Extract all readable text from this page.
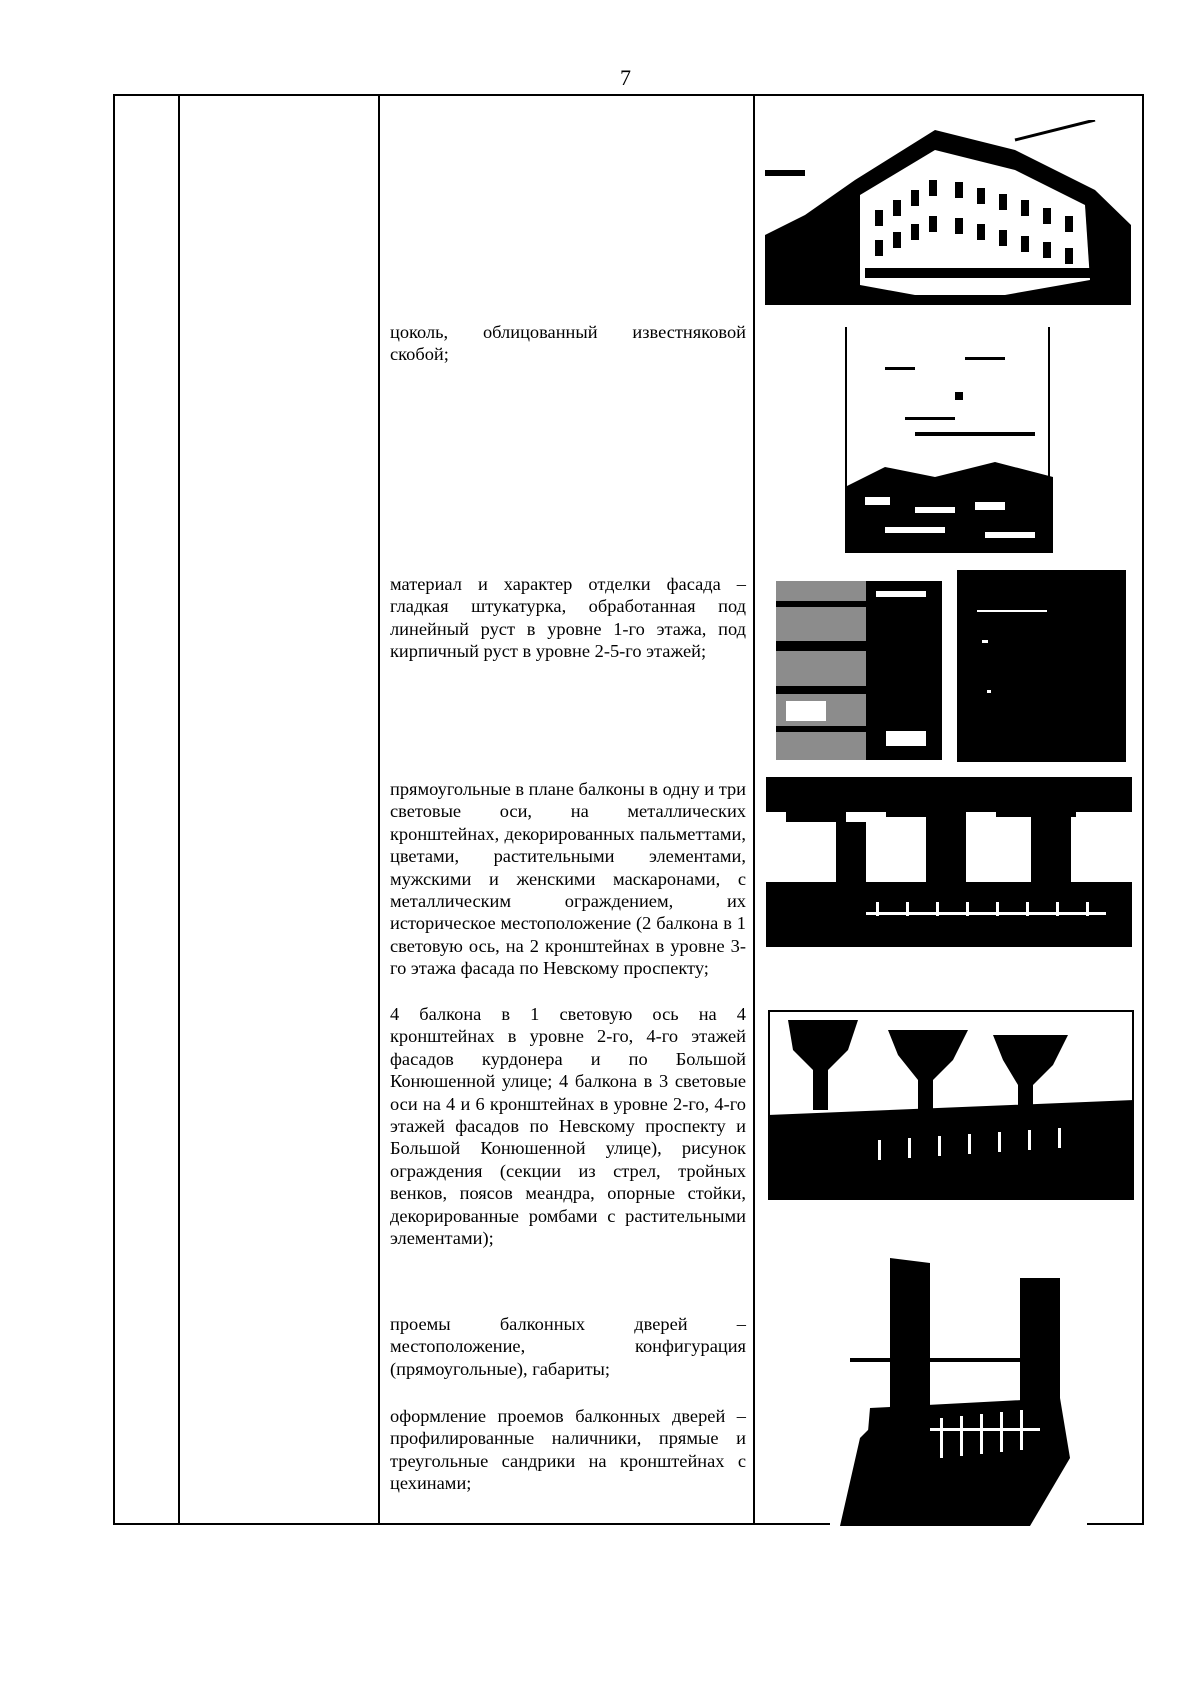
7
цоколь, облицованный известняковой скобой;
материал и характер отделки фасада – гладкая штукатурка, обработанная под линейный руст в уровне 1-го этажа, под кирпичный руст в уровне 2-5-го этажей;
прямоугольные в плане балконы в одну и три световые оси, на металлических кронштейнах, декорированных пальметтами, цветами, растительными элементами, мужскими и женскими маскаронами, с металлическим ограждением, их историческое местоположение (2 балкона в 1 световую ось, на 2 кронштейнах в уровне 3-го этажа фасада по Невскому проспекту;
4 балкона в 1 световую ось на 4 кронштейнах в уровне 2-го, 4-го этажей фасадов курдонера и по Большой Конюшенной улице; 4 балкона в 3 световые оси на 4 и 6 кронштейнах в уровне 2-го, 4-го этажей фасадов по Невскому проспекту и Большой Конюшенной улице), рисунок ограждения (секции из стрел, тройных венков, поясов меандра, опорные стойки, декорированные ромбами с растительными элементами);
проемы балконных дверей – местоположение, конфигурация (прямоугольные), габариты;
оформление проемов балконных дверей – профилированные наличники, прямые и треугольные сандрики на кронштейнах с цехинами;
